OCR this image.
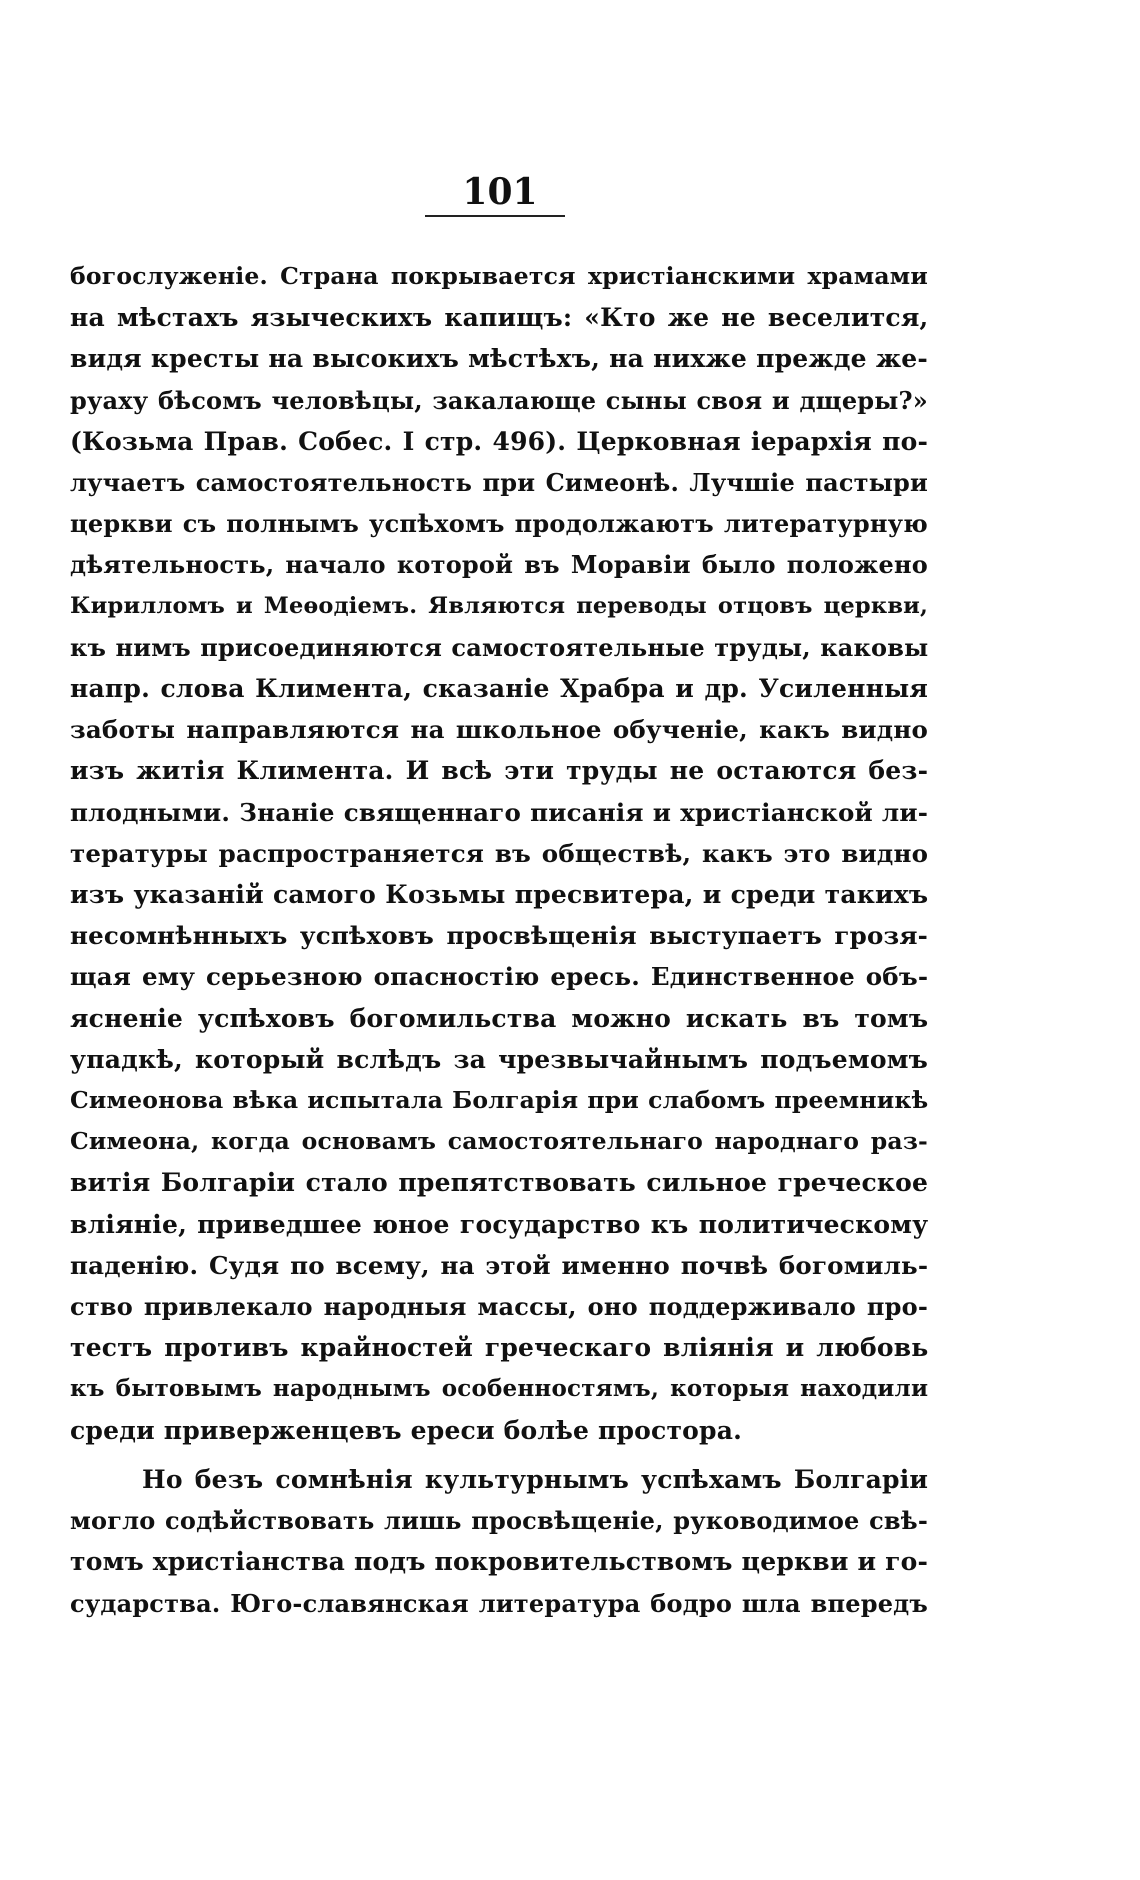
101
богослуженіе. Страна покрывается христіанскими храмами
на мѣстахъ языческихъ капищъ: «Кто же не веселится,
видя кресты на высокихъ мѣстѣхъ, на нихже прежде же-
руаху бѣсомъ человѣцы, закалающе сыны своя и дщеры?»
(Козьма Прав. Собес. I стр. 496). Церковная іерархія по-
лучаетъ самостоятельность при Симеонѣ. Лучшіе пастыри
церкви съ полнымъ успѣхомъ продолжаютъ литературную
дѣятельность, начало которой въ Моравіи было положено
Кирилломъ и Меѳодіемъ. Являются переводы отцовъ церкви,
къ нимъ присоединяются самостоятельные труды, каковы
напр. слова Климента, сказаніе Храбра и др. Усиленныя
заботы направляются на школьное обученіе, какъ видно
изъ житія Климента. И всѣ эти труды не остаются без-
плодными. Знаніе священнаго писанія и христіанской ли-
тературы распространяется въ обществѣ, какъ это видно
изъ указаній самого Козьмы пресвитера, и среди такихъ
несомнѣнныхъ успѣховъ просвѣщенія выступаетъ грозя-
щая ему серьезною опасностію ересь. Единственное объ-
ясненіе успѣховъ богомильства можно искать въ томъ
упадкѣ, который вслѣдъ за чрезвычайнымъ подъемомъ
Симеонова вѣка испытала Болгарія при слабомъ преемникѣ
Симеона, когда основамъ самостоятельнаго народнаго раз-
витія Болгаріи стало препятствовать сильное греческое
вліяніе, приведшее юное государство къ политическому
паденію. Судя по всему, на этой именно почвѣ богомиль-
ство привлекало народныя массы, оно поддерживало про-
тестъ противъ крайностей греческаго вліянія и любовь
къ бытовымъ народнымъ особенностямъ, которыя находили
среди приверженцевъ ереси болѣе простора.
Но безъ сомнѣнія культурнымъ успѣхамъ Болгаріи
могло содѣйствовать лишь просвѣщеніе, руководимое свѣ-
томъ христіанства подъ покровительствомъ церкви и го-
сударства. Юго-славянская литература бодро шла впередъ
